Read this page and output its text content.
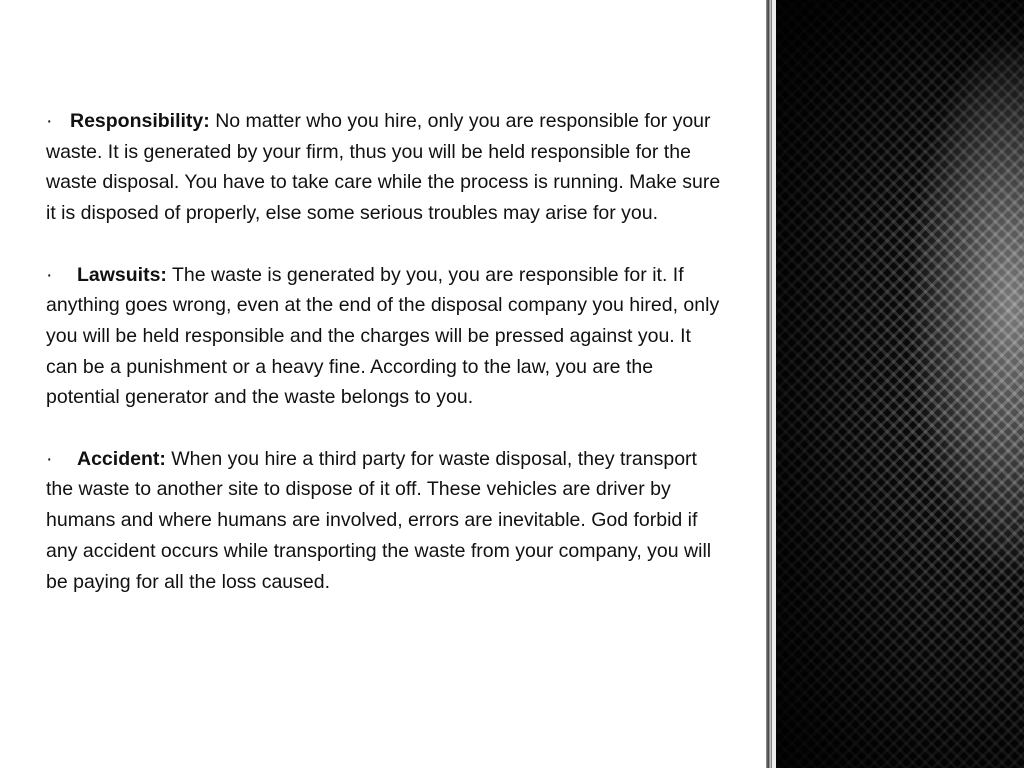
· Responsibility: No matter who you hire, only you are responsible for your waste. It is generated by your firm, thus you will be held responsible for the waste disposal. You have to take care while the process is running. Make sure it is disposed of properly, else some serious troubles may arise for you.

· Lawsuits: The waste is generated by you, you are responsible for it. If anything goes wrong, even at the end of the disposal company you hired, only you will be held responsible and the charges will be pressed against you. It can be a punishment or a heavy fine. According to the law, you are the potential generator and the waste belongs to you.

· Accident: When you hire a third party for waste disposal, they transport the waste to another site to dispose of it off. These vehicles are driver by humans and where humans are involved, errors are inevitable. God forbid if any accident occurs while transporting the waste from your company, you will be paying for all the loss caused.
